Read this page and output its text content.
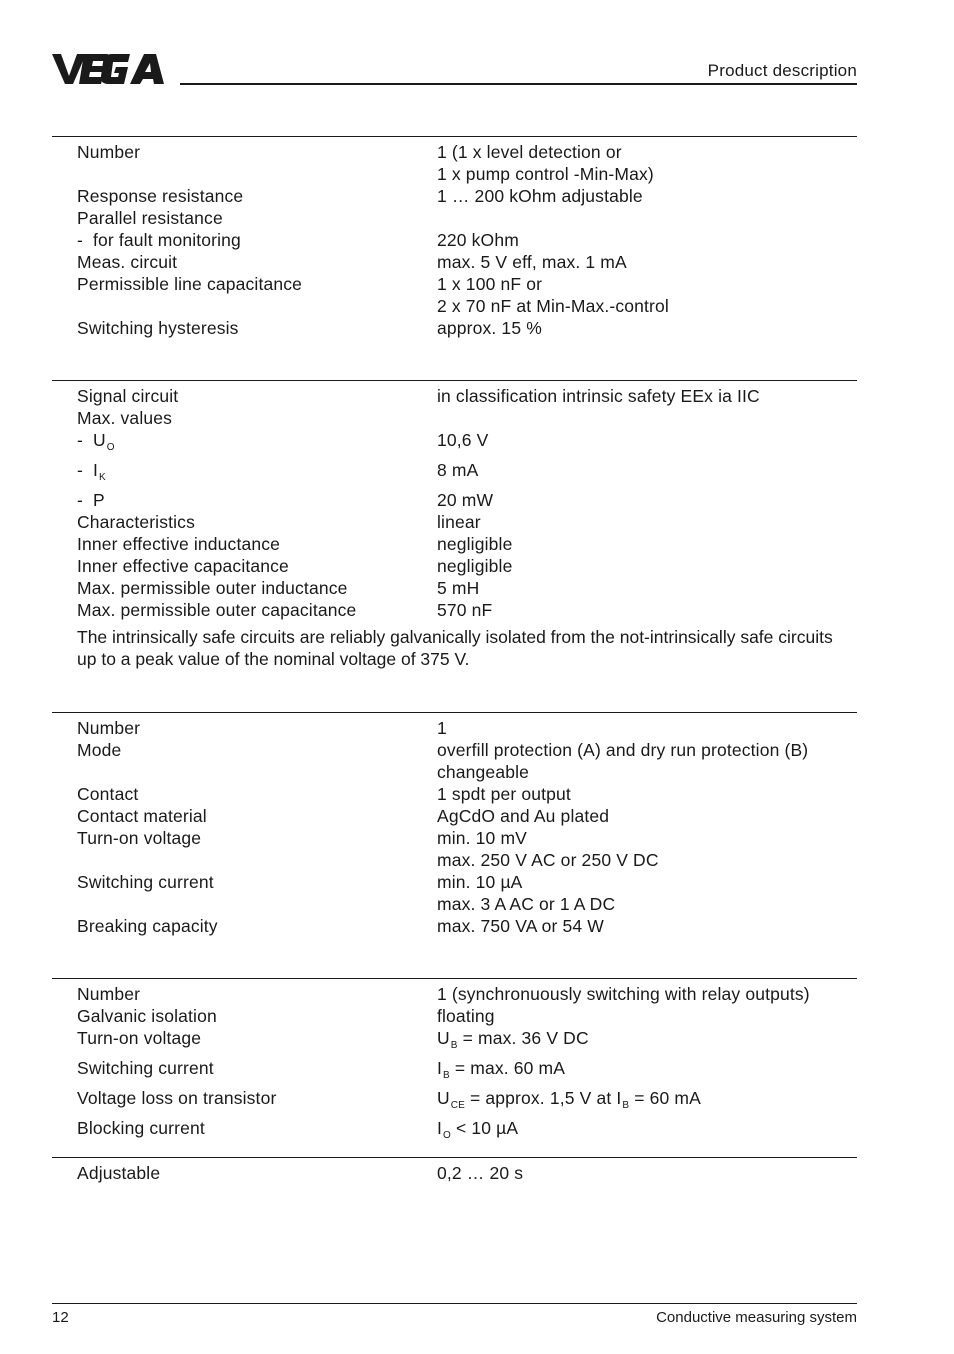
Product description
Number	1 (1 x level detection or
1 x pump control -Min-Max)
Response resistance	1 … 200 kOhm adjustable
Parallel resistance
-  for fault monitoring	220 kOhm
Meas. circuit	max. 5 V eff, max. 1 mA
Permissible line capacitance	1 x 100 nF or
2 x 70 nF at Min-Max.-control
Switching hysteresis	approx. 15 %
Signal circuit	in classification intrinsic safety EEx ia IIC
Max. values
-  $U_O$	10,6 V
-  $I_K$	8 mA
-  P	20 mW
Characteristics	linear
Inner effective inductance	negligible
Inner effective capacitance	negligible
Max. permissible outer inductance	5 mH
Max. permissible outer capacitance	570 nF
The intrinsically safe circuits are reliably galvanically isolated from the not-intrinsically safe circuits up to a peak value of the nominal voltage of 375 V.
Number	1
Mode	overfill protection (A) and dry run protection (B)
changeable
Contact	1 spdt per output
Contact material	AgCdO and Au plated
Turn-on voltage	min. 10 mV
max. 250 V AC or 250 V DC
Switching current	min. 10 µA
max. 3 A AC or 1 A DC
Breaking capacity	max. 750 VA or 54 W
Number	1 (synchronuously switching with relay outputs)
Galvanic isolation	floating
Turn-on voltage	$U_B = \max$. 36 V DC
Switching current	$I_B = \max$. 60 mA
Voltage loss on transistor	$U_{CE}$ = approx. 1,5 V at $I_B = 60$ mA
Blocking current	$I_O < 10$ µA
Adjustable	0,2 … 20 s
12	Conductive measuring system
